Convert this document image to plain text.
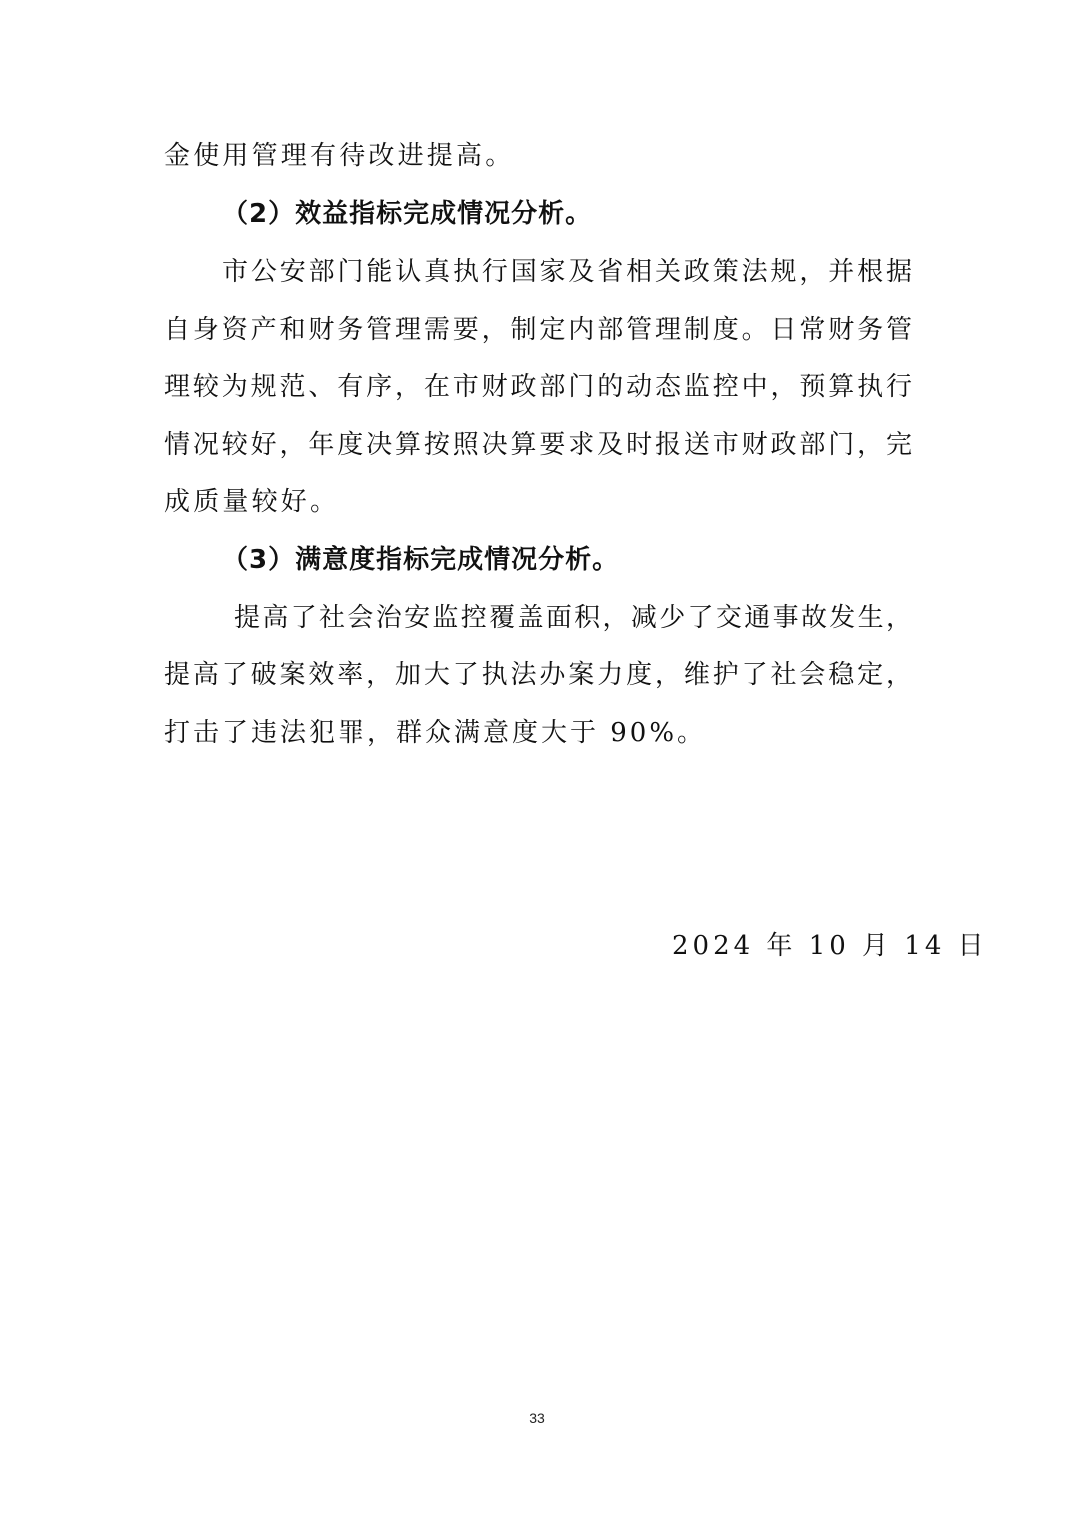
金使用管理有待改进提高。
（2）效益指标完成情况分析。
市公安部门能认真执行国家及省相关政策法规，并根据
自身资产和财务管理需要，制定内部管理制度。日常财务管
理较为规范、有序，在市财政部门的动态监控中，预算执行
情况较好，年度决算按照决算要求及时报送市财政部门，完
成质量较好。
（3）满意度指标完成情况分析。
提高了社会治安监控覆盖面积，减少了交通事故发生，
提高了破案效率，加大了执法办案力度，维护了社会稳定，
打击了违法犯罪，群众满意度大于 90%。
2024 年 10 月 14 日
33
